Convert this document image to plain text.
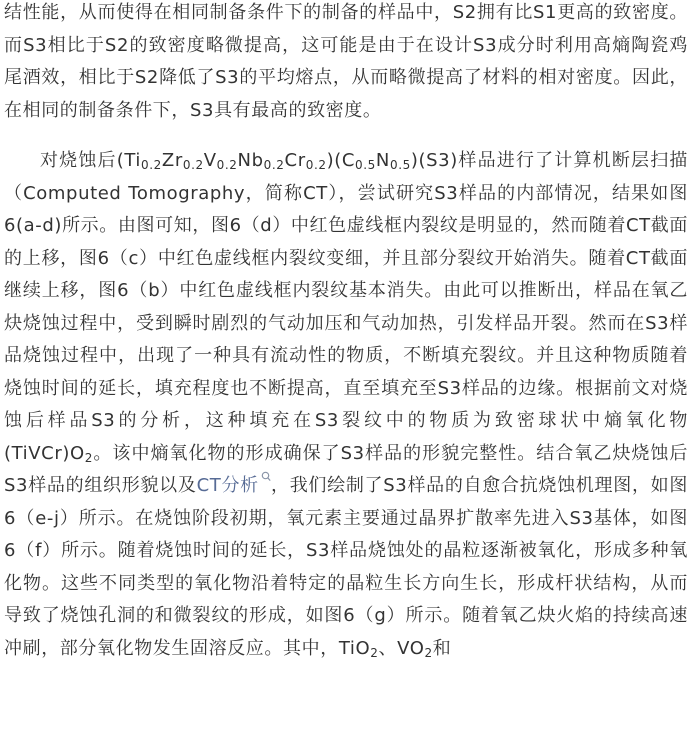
结性能，从而使得在相同制备条件下的制备的样品中，S2拥有比S1更高的致密度。而S3相比于S2的致密度略微提高，这可能是由于在设计S3成分时利用高熵陶瓷鸡尾酒效，相比于S2降低了S3的平均熔点，从而略微提高了材料的相对密度。因此，在相同的制备条件下，S3具有最高的致密度。

对烧蚀后$(Ti_{0.2}Zr_{0.2}V_{0.2}Nb_{0.2}Cr_{0.2})(C_{0.5}N_{0.5})(S3)$样品进行了计算机断层扫描（Computed Tomography，简称CT），尝试研究S3样品的内部情况，结果如图6(a-d)所示。由图可知，图6（d）中红色虚线框内裂纹是明显的，然而随着CT截面的上移，图6（c）中红色虚线框内裂纹变细，并且部分裂纹开始消失。随着CT截面继续上移，图6（b）中红色虚线框内裂纹基本消失。由此可以推断出，样品在氧乙炔烧蚀过程中，受到瞬时剧烈的气动加压和气动加热，引发样品开裂。然而在S3样品烧蚀过程中，出现了一种具有流动性的物质，不断填充裂纹。并且这种物质随着烧蚀时间的延长，填充程度也不断提高，直至填充至S3样品的边缘。根据前文对烧蚀后样品S3的分析，这种填充在S3裂纹中的物质为致密球状中熵氧化物$(TiVCr)O_2$。该中熵氧化物的形成确保了S3样品的形貌完整性。结合氧乙炔烧蚀后S3样品的组织形貌以及CT分析 ，我们绘制了S3样品的自愈合抗烧蚀机理图，如图6（e-j）所示。在烧蚀阶段初期，氧元素主要通过晶界扩散率先进入S3基体，如图6（f）所示。随着烧蚀时间的延长，S3样品烧蚀处的晶粒逐渐被氧化，形成多种氧化物。这些不同类型的氧化物沿着特定的晶粒生长方向生长，形成杆状结构，从而导致了烧蚀孔洞的和微裂纹的形成，如图6（g）所示。随着氧乙炔火焰的持续高速冲刷，部分氧化物发生固溶反应。其中，TiO$_2$、$VO_2$和
